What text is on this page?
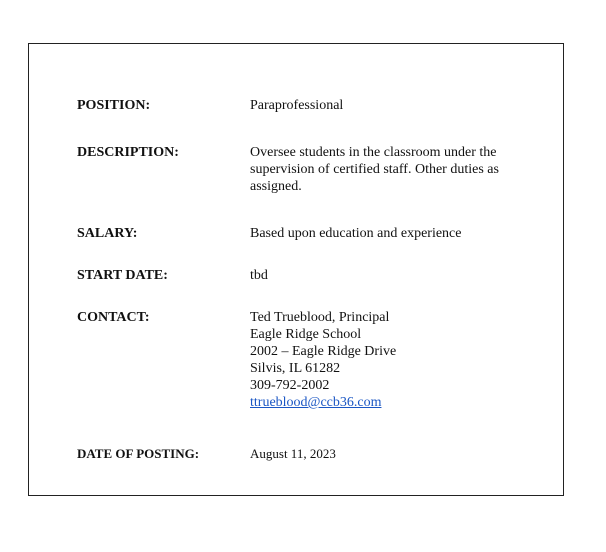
POSITION:	Paraprofessional
DESCRIPTION:	Oversee students in the classroom under the
supervision of certified staff. Other duties as
assigned.
SALARY:	Based upon education and experience
START DATE:	tbd
CONTACT:	Ted Trueblood, Principal
Eagle Ridge School
2002 – Eagle Ridge Drive
Silvis, IL 61282
309-792-2002
ttrueblood@ccb36.com
DATE OF POSTING:	August 11, 2023
